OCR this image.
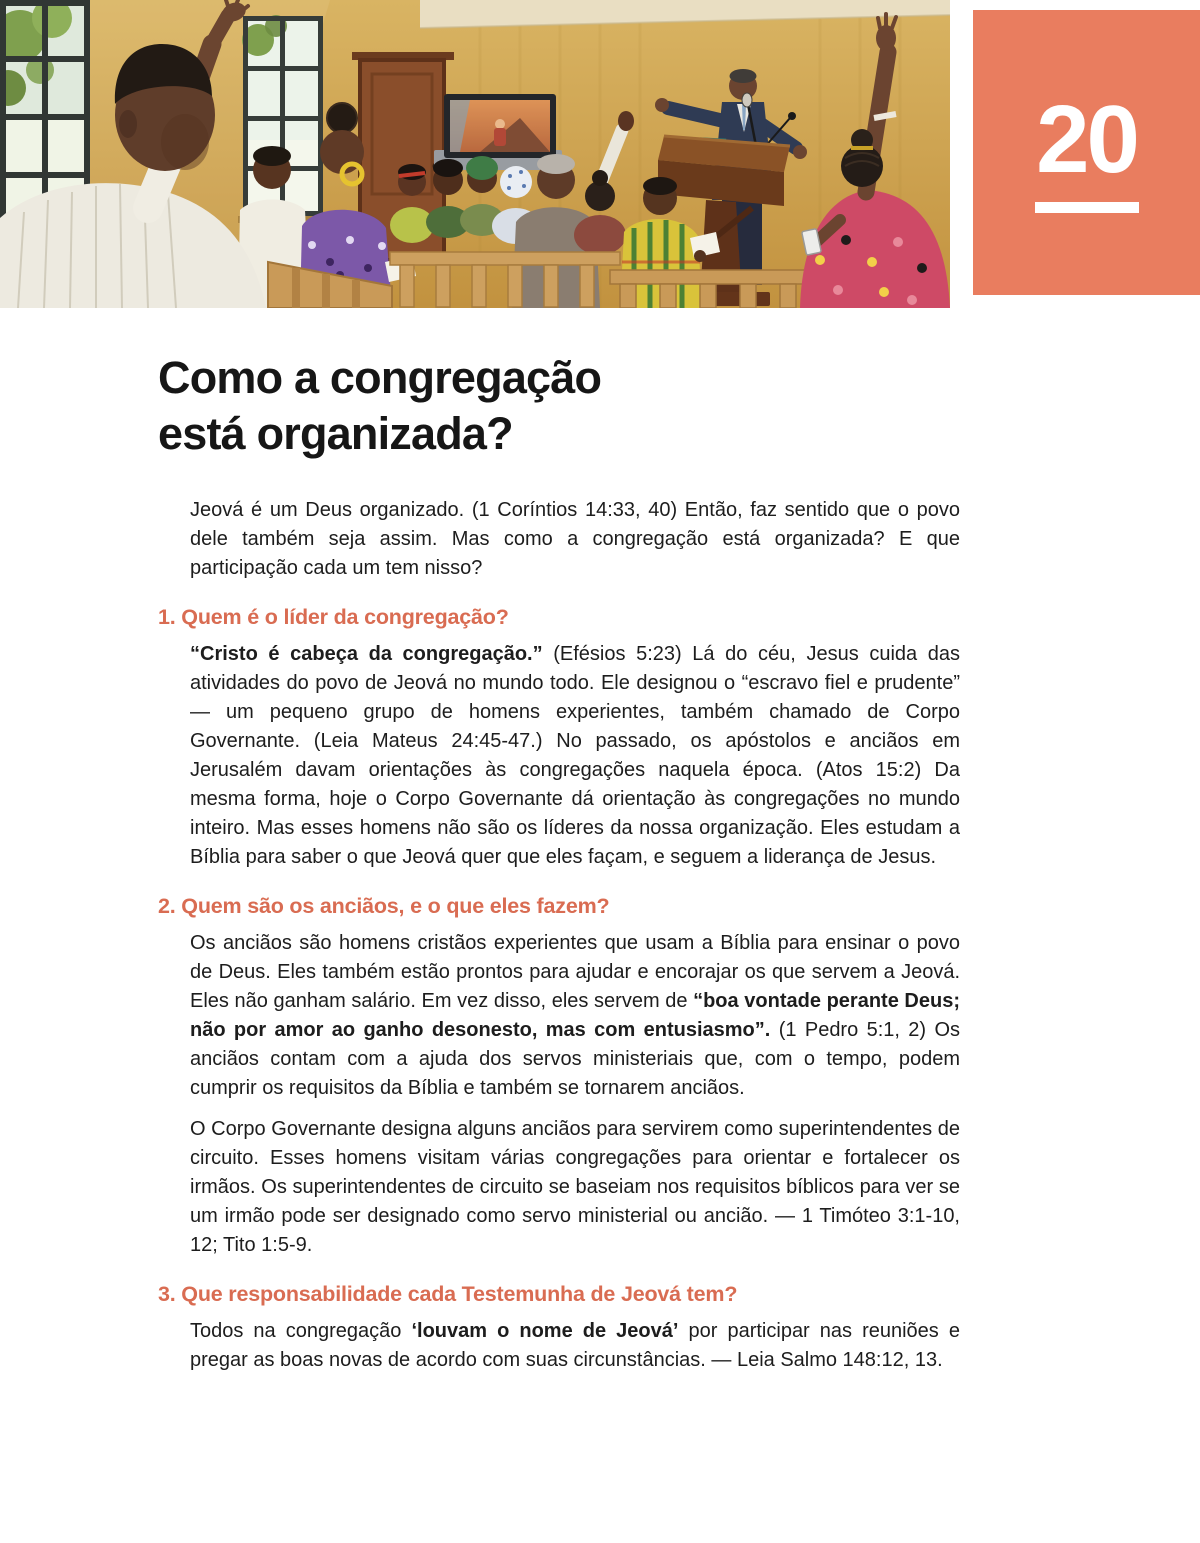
20
Como a congregação
está organizada?

Jeová é um Deus organizado. (1 Coríntios 14:33, 40) Então, faz sentido que o povo dele também seja assim. Mas como a congregação está organizada? E que participação cada um tem nisso?

1. Quem é o líder da congregação?

“Cristo é cabeça da congregação.” (Efésios 5:23) Lá do céu, Jesus cuida das atividades do povo de Jeová no mundo todo. Ele designou o “escravo fiel e prudente” — um pequeno grupo de homens experientes, também chamado de Corpo Governante. (Leia Mateus 24:45-47.) No passado, os apóstolos e anciãos em Jerusalém davam orientações às congregações naquela época. (Atos 15:2) Da mesma forma, hoje o Corpo Governante dá orientação às congregações no mundo inteiro. Mas esses homens não são os líderes da nossa organização. Eles estudam a Bíblia para saber o que Jeová quer que eles façam, e seguem a liderança de Jesus.

2. Quem são os anciãos, e o que eles fazem?

Os anciãos são homens cristãos experientes que usam a Bíblia para ensinar o povo de Deus. Eles também estão prontos para ajudar e encorajar os que servem a Jeová. Eles não ganham salário. Em vez disso, eles servem de “boa vontade perante Deus; não por amor ao ganho desonesto, mas com entusiasmo”. (1 Pedro 5:1, 2) Os anciãos contam com a ajuda dos servos ministeriais que, com o tempo, podem cumprir os requisitos da Bíblia e também se tornarem anciãos.

O Corpo Governante designa alguns anciãos para servirem como superintendentes de circuito. Esses homens visitam várias congregações para orientar e fortalecer os irmãos. Os superintendentes de circuito se baseiam nos requisitos bíblicos para ver se um irmão pode ser designado como servo ministerial ou ancião. — 1 Timóteo 3:1-10, 12; Tito 1:5-9.

3. Que responsabilidade cada Testemunha de Jeová tem?

Todos na congregação ‘louvam o nome de Jeová’ por participar nas reuniões e pregar as boas novas de acordo com suas circunstâncias. — Leia Salmo 148:12, 13.
